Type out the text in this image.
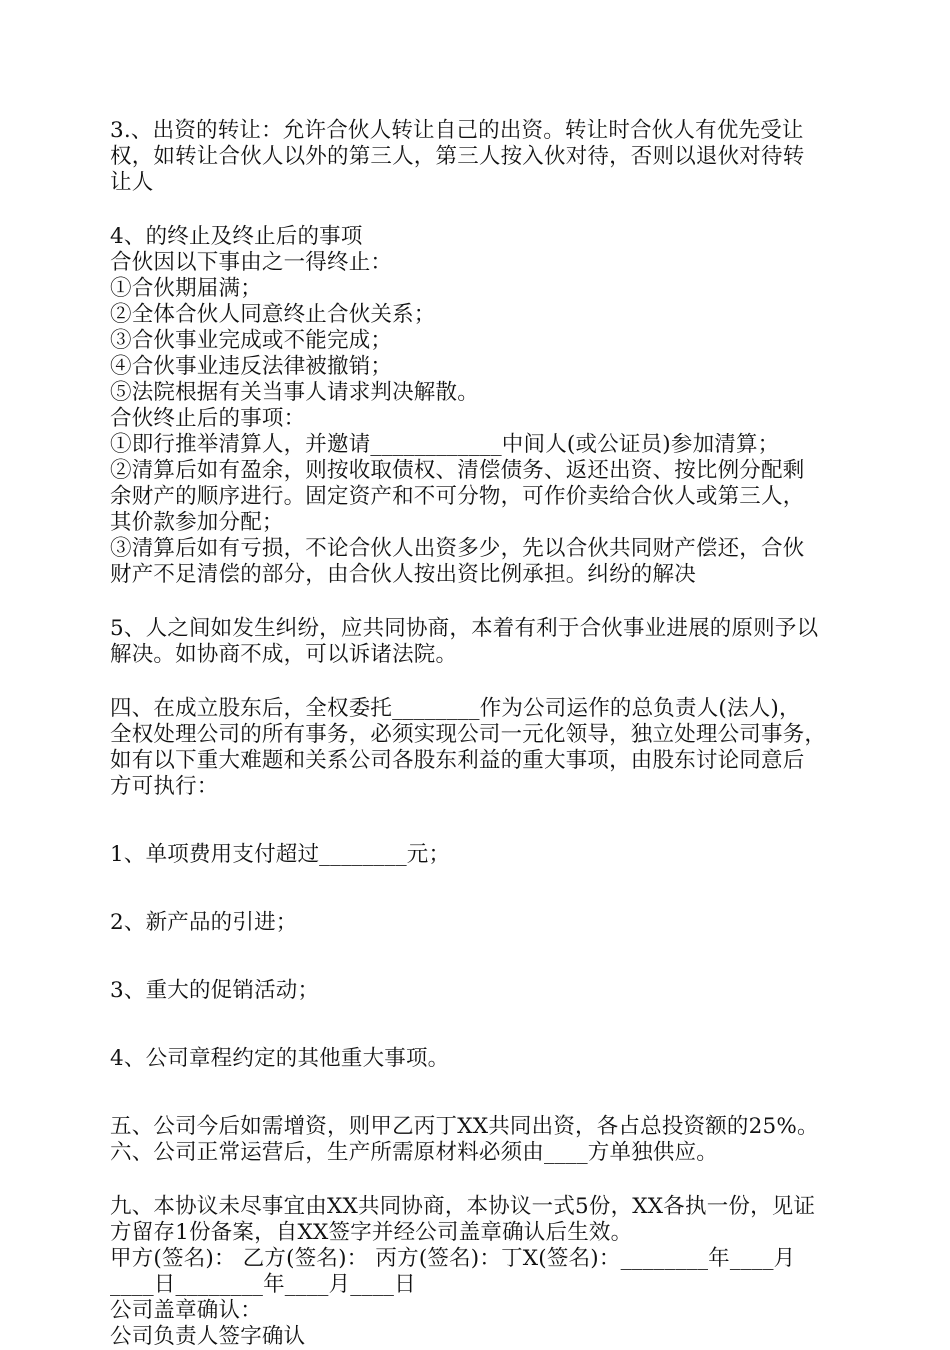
3.、出资的转让：允许合伙人转让自己的出资。转让时合伙人有优先受让
权，如转让合伙人以外的第三人，第三人按入伙对待，否则以退伙对待转
让人
4、的终止及终止后的事项
合伙因以下事由之一得终止：
①合伙期届满；
②全体合伙人同意终止合伙关系；
③合伙事业完成或不能完成；
④合伙事业违反法律被撤销；
⑤法院根据有关当事人请求判决解散。
合伙终止后的事项：
①即行推举清算人，并邀请____________中间人(或公证员)参加清算；
②清算后如有盈余，则按收取债权、清偿债务、返还出资、按比例分配剩
余财产的顺序进行。固定资产和不可分物，可作价卖给合伙人或第三人，
其价款参加分配；
③清算后如有亏损，不论合伙人出资多少，先以合伙共同财产偿还，合伙
财产不足清偿的部分，由合伙人按出资比例承担。纠纷的解决
5、人之间如发生纠纷，应共同协商，本着有利于合伙事业进展的原则予以
解决。如协商不成，可以诉诸法院。
四、在成立股东后，全权委托________作为公司运作的总负责人(法人)，
全权处理公司的所有事务，必须实现公司一元化领导，独立处理公司事务，
如有以下重大难题和关系公司各股东利益的重大事项，由股东讨论同意后
方可执行：
1、单项费用支付超过________元；
2、新产品的引进；
3、重大的促销活动；
4、公司章程约定的其他重大事项。
五、公司今后如需增资，则甲乙丙丁XX共同出资，各占总投资额的25%。
六、公司正常运营后，生产所需原材料必须由____方单独供应。
九、本协议未尽事宜由XX共同协商，本协议一式5份，XX各执一份，见证
方留存1份备案，自XX签字并经公司盖章确认后生效。
甲方(签名)： 乙方(签名)： 丙方(签名)：丁X(签名)：________年____月
____日________年____月____日
公司盖章确认：
公司负责人签字确认
